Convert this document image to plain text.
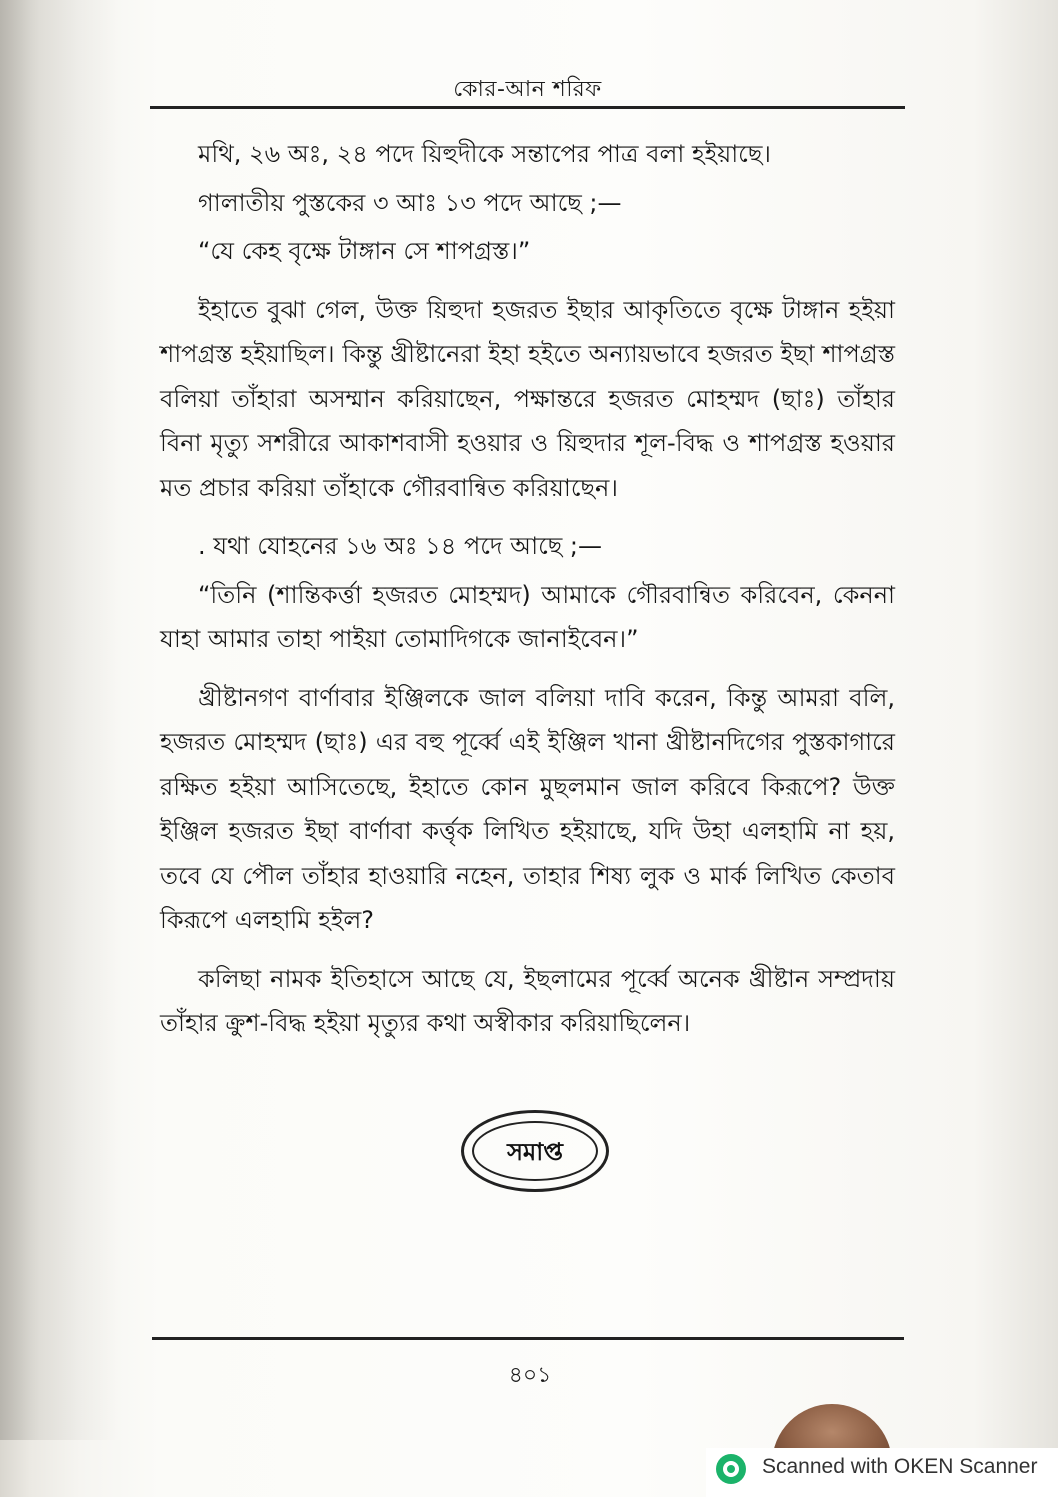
কোর-আন শরিফ

মথি, ২৬ অঃ, ২৪ পদে য়িহুদীকে সন্তাপের পাত্র বলা হইয়াছে।

গালাতীয় পুস্তকের ৩ আঃ ১৩ পদে আছে ;—

“যে কেহ বৃক্ষে টাঙ্গান সে শাপগ্রস্ত।”

ইহাতে বুঝা গেল, উক্ত য়িহুদা হজরত ইছার আকৃতিতে বৃক্ষে টাঙ্গান হইয়া শাপগ্রস্ত হইয়াছিল। কিন্তু খ্রীষ্টানেরা ইহা হইতে অন্যায়ভাবে হজরত ইছা শাপগ্রস্ত বলিয়া তাঁহারা অসম্মান করিয়াছেন, পক্ষান্তরে হজরত মোহম্মদ (ছাঃ) তাঁহার বিনা মৃত্যু সশরীরে আকাশবাসী হওয়ার ও য়িহুদার শূল-বিদ্ধ ও শাপগ্রস্ত হওয়ার মত প্রচার করিয়া তাঁহাকে গৌরবান্বিত করিয়াছেন।

. যথা যোহনের ১৬ অঃ ১৪ পদে আছে ;—

“তিনি (শান্তিকর্ত্তা হজরত মোহম্মদ) আমাকে গৌরবান্বিত করিবেন, কেননা যাহা আমার তাহা পাইয়া তোমাদিগকে জানাইবেন।”

খ্রীষ্টানগণ বার্ণাবার ইঞ্জিলকে জাল বলিয়া দাবি করেন, কিন্তু আমরা বলি, হজরত মোহম্মদ (ছাঃ) এর বহু পূর্ব্বে এই ইঞ্জিল খানা খ্রীষ্টানদিগের পুস্তকাগারে রক্ষিত হইয়া আসিতেছে, ইহাতে কোন মুছলমান জাল করিবে কিরূপে? উক্ত ইঞ্জিল হজরত ইছা বার্ণাবা কর্ত্তৃক লিখিত হইয়াছে, যদি উহা এলহামি না হয়, তবে যে পৌল তাঁহার হাওয়ারি নহেন, তাহার শিষ্য লুক ও মার্ক লিখিত কেতাব কিরূপে এলহামি হইল?

কলিছা নামক ইতিহাসে আছে যে, ইছলামের পূর্ব্বে অনেক খ্রীষ্টান সম্প্রদায় তাঁহার ক্রুশ-বিদ্ধ হইয়া মৃত্যুর কথা অস্বীকার করিয়াছিলেন।

সমাপ্ত
৪০১
Scanned with OKEN Scanner
